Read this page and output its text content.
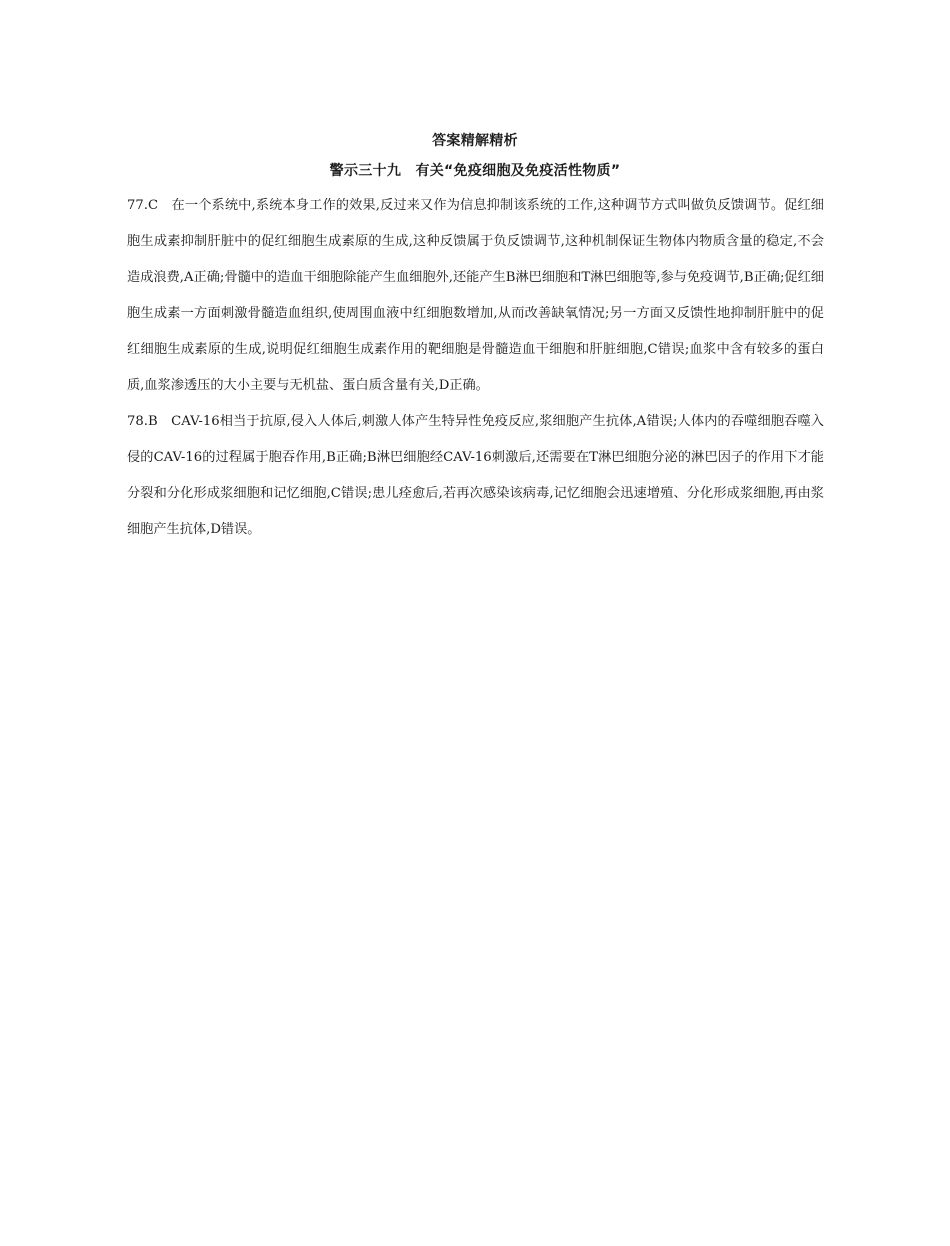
答案精解精析
警示三十九　有关“免疫细胞及免疫活性物质”

77.C　在一个系统中,系统本身工作的效果,反过来又作为信息抑制该系统的工作,这种调节方式叫做负反馈调节。促红细胞生成素抑制肝脏中的促红细胞生成素原的生成,这种反馈属于负反馈调节,这种机制保证生物体内物质含量的稳定,不会造成浪费,A正确;骨髓中的造血干细胞除能产生血细胞外,还能产生B淋巴细胞和T淋巴细胞等,参与免疫调节,B正确;促红细胞生成素一方面刺激骨髓造血组织,使周围血液中红细胞数增加,从而改善缺氧情况;另一方面又反馈性地抑制肝脏中的促红细胞生成素原的生成,说明促红细胞生成素作用的靶细胞是骨髓造血干细胞和肝脏细胞,C错误;血浆中含有较多的蛋白质,血浆渗透压的大小主要与无机盐、蛋白质含量有关,D正确。

78.B　CAV-16相当于抗原,侵入人体后,刺激人体产生特异性免疫反应,浆细胞产生抗体,A错误;人体内的吞噬细胞吞噬入侵的CAV-16的过程属于胞吞作用,B正确;B淋巴细胞经CAV-16刺激后,还需要在T淋巴细胞分泌的淋巴因子的作用下才能分裂和分化形成浆细胞和记忆细胞,C错误;患儿痊愈后,若再次感染该病毒,记忆细胞会迅速增殖、分化形成浆细胞,再由浆细胞产生抗体,D错误。
